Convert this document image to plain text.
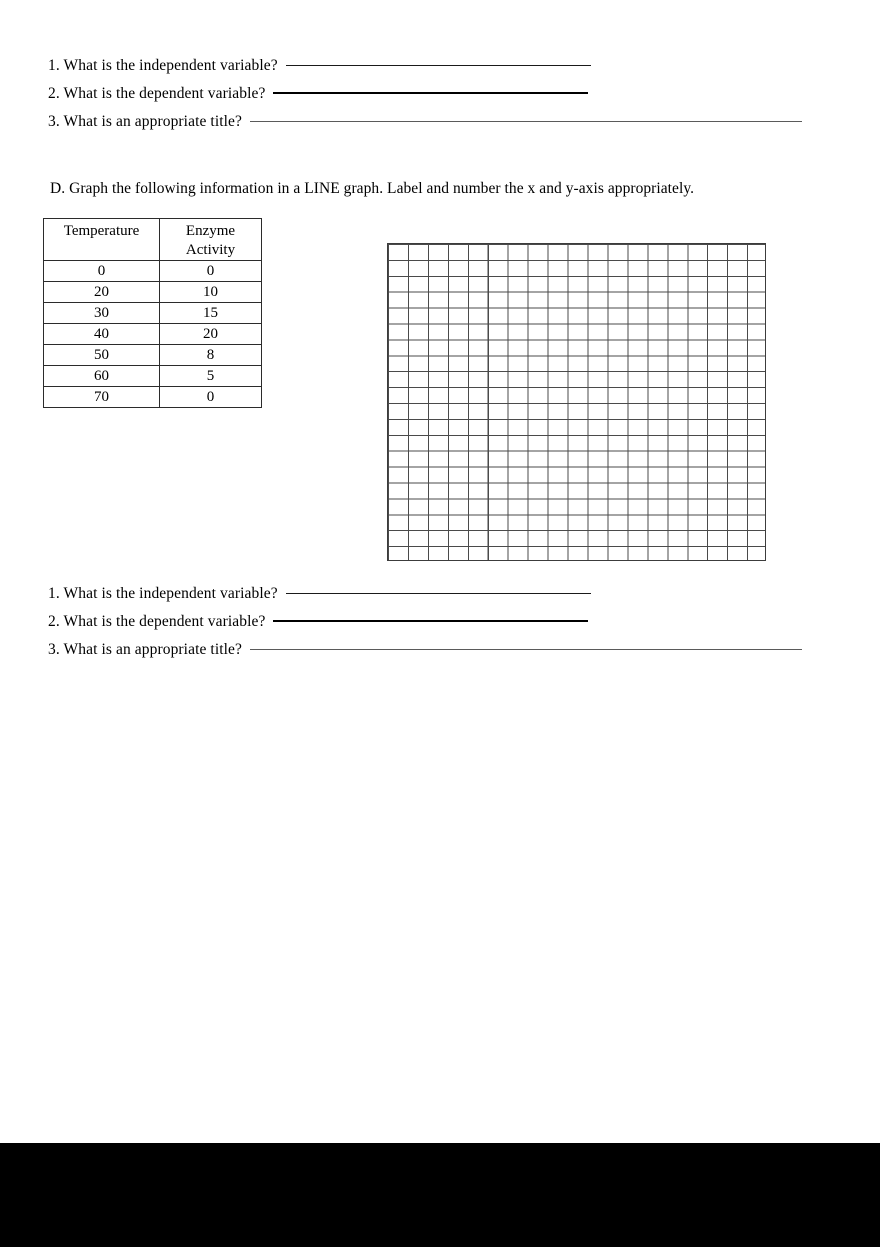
1. What is the independent variable?
2. What is the dependent variable?
3. What is an appropriate title?
D. Graph the following information in a LINE graph. Label and number the x and y-axis appropriately.
Temperature	Enzyme
Activity

0	0
20	10
30	15
40	20
50	8
60	5
70	0
1. What is the independent variable?
2. What is the dependent variable?
3. What is an appropriate title?
